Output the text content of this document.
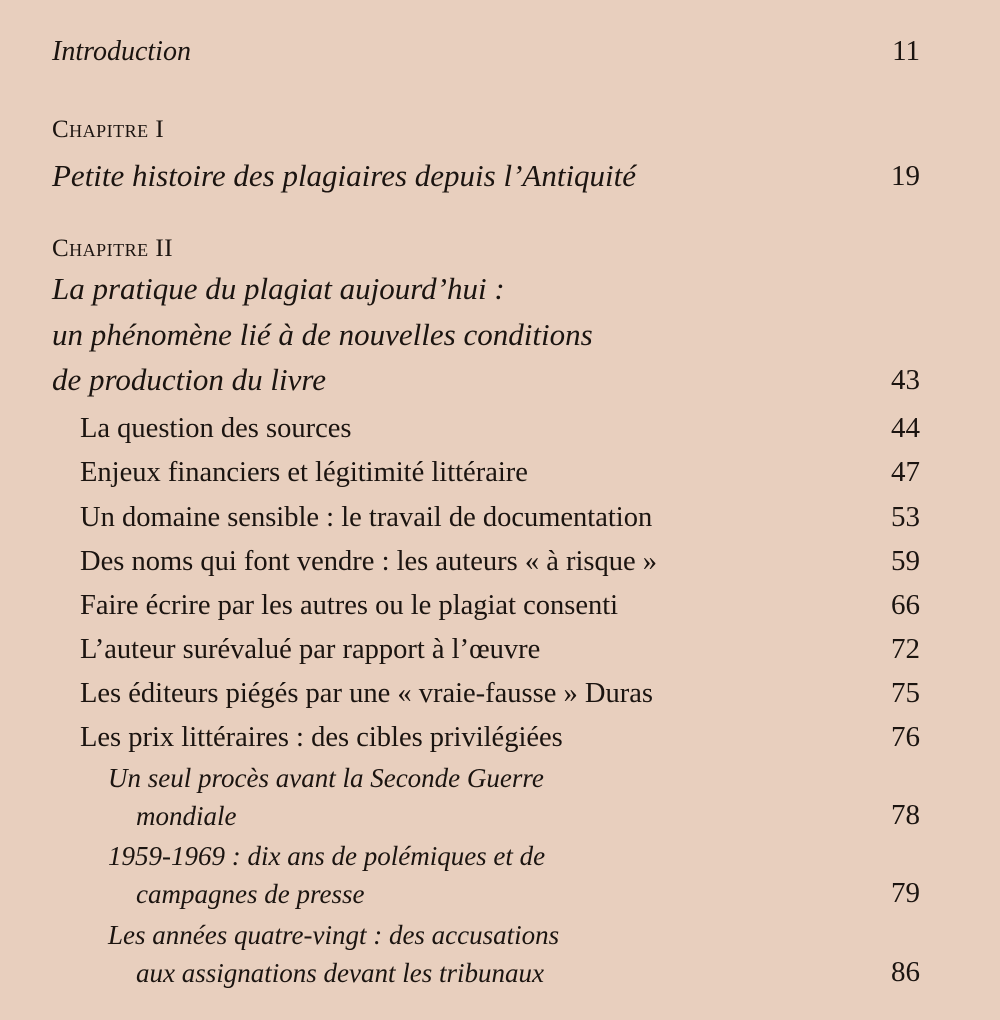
Introduction	11
Chapitre I
Petite histoire des plagiaires depuis l’Antiquité	19
Chapitre II
La pratique du plagiat aujourd’hui :
un phénomène lié à de nouvelles conditions
de production du livre	43
La question des sources	44
Enjeux financiers et légitimité littéraire	47
Un domaine sensible : le travail de documentation	53
Des noms qui font vendre : les auteurs « à risque »	59
Faire écrire par les autres ou le plagiat consenti	66
L’auteur surévalué par rapport à l’œuvre	72
Les éditeurs piégés par une « vraie-fausse » Duras	75
Les prix littéraires : des cibles privilégiées	76
Un seul procès avant la Seconde Guerre
mondiale	78
1959-1969 : dix ans de polémiques et de
campagnes de presse	79
Les années quatre-vingt : des accusations
aux assignations devant les tribunaux	86
